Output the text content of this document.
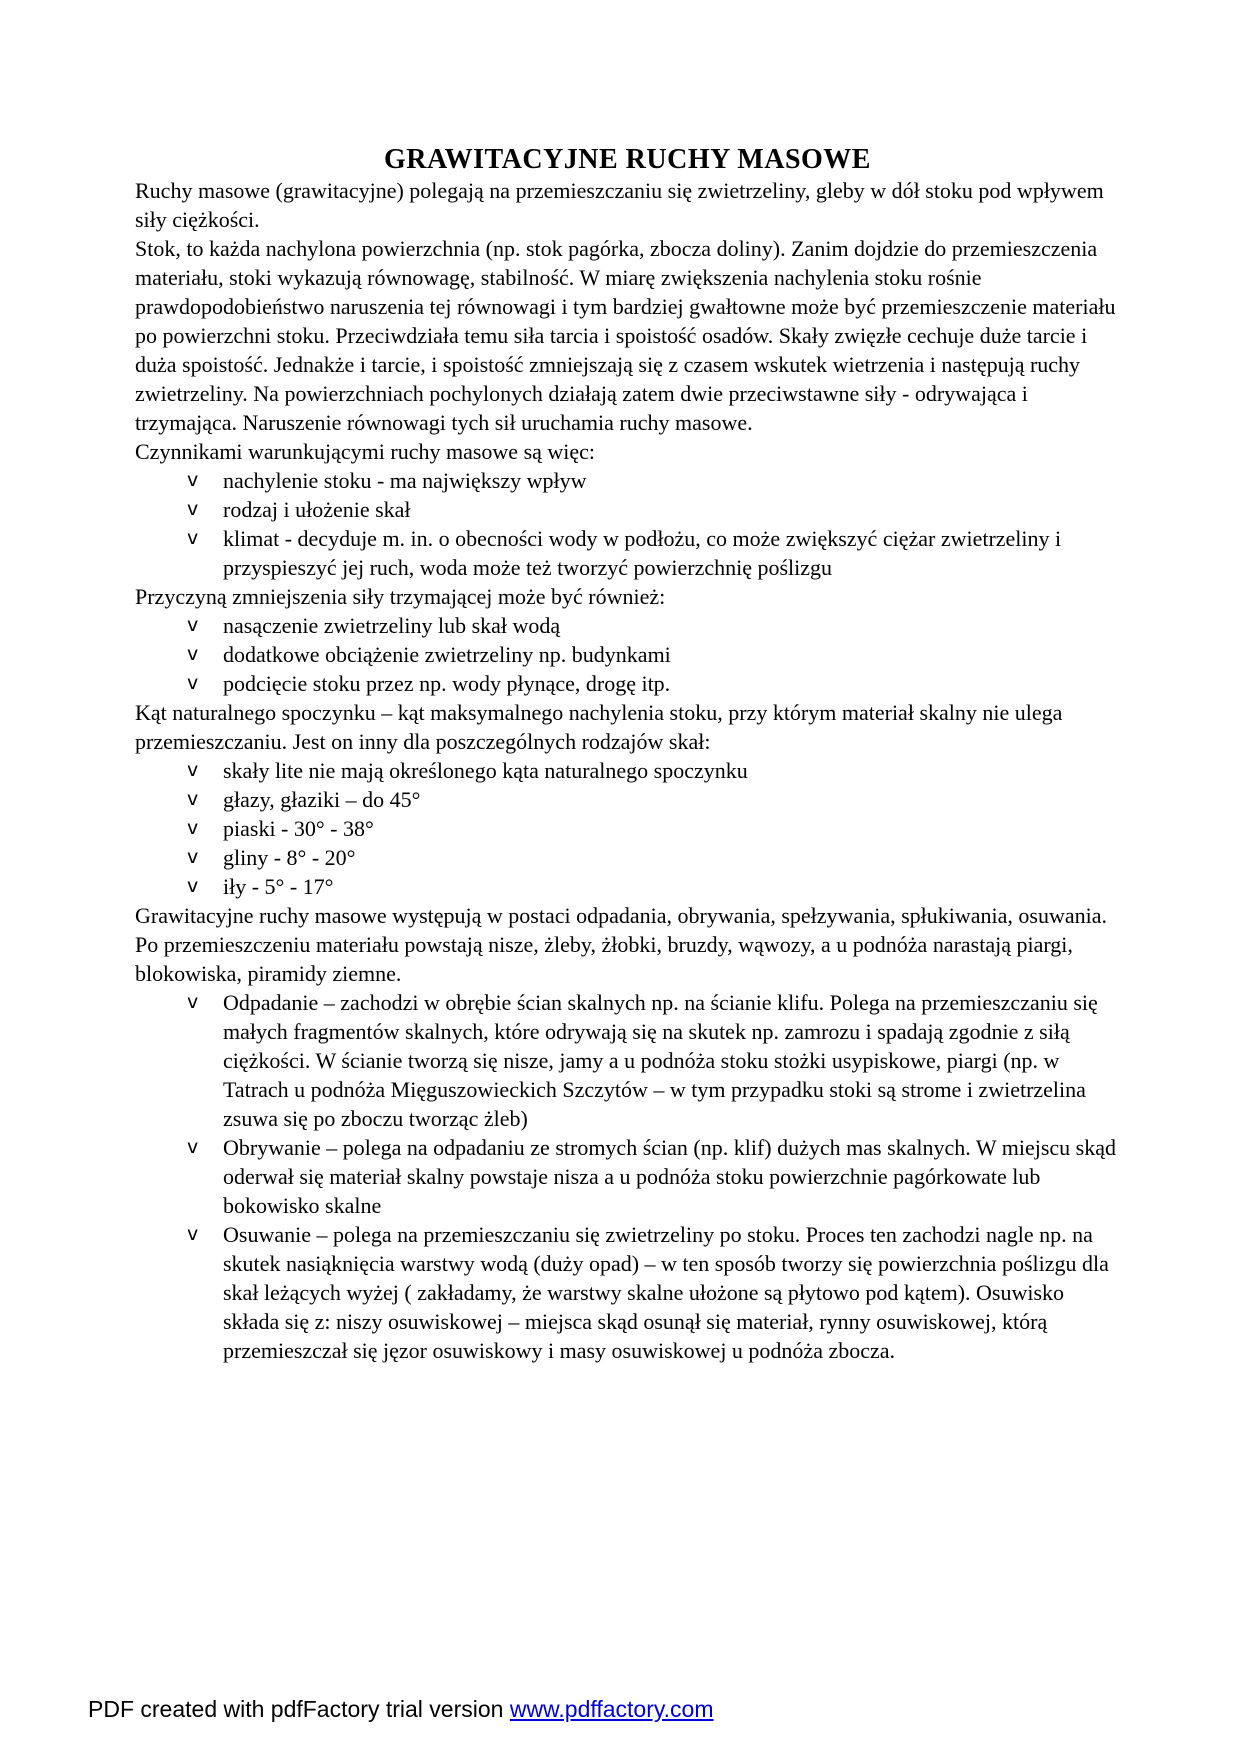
GRAWITACYJNE RUCHY MASOWE

Ruchy masowe (grawitacyjne) polegają na przemieszczaniu się zwietrzeliny, gleby w dół stoku pod wpływem siły ciężkości.

Stok, to każda nachylona powierzchnia (np. stok pagórka, zbocza doliny). Zanim dojdzie do przemieszczenia materiału, stoki wykazują równowagę, stabilność. W miarę zwiększenia nachylenia stoku rośnie prawdopodobieństwo naruszenia tej równowagi i tym bardziej gwałtowne może być przemieszczenie materiału po powierzchni stoku. Przeciwdziała temu siła tarcia i spoistość osadów. Skały zwięzłe cechuje duże tarcie i duża spoistość. Jednakże i tarcie, i spoistość zmniejszają się z czasem wskutek wietrzenia i następują ruchy zwietrzeliny. Na powierzchniach pochylonych działają zatem dwie przeciwstawne siły - odrywająca i trzymająca. Naruszenie równowagi tych sił uruchamia ruchy masowe.

Czynnikami warunkującymi ruchy masowe są więc:

v	nachylenie stoku - ma największy wpływ
v	rodzaj i ułożenie skał
v	klimat - decyduje m. in. o obecności wody w podłożu, co może zwiększyć ciężar zwietrzeliny i przyspieszyć jej ruch, woda może też tworzyć powierzchnię poślizgu

Przyczyną zmniejszenia siły trzymającej może być również:

v	nasączenie zwietrzeliny lub skał wodą
v	dodatkowe obciążenie zwietrzeliny np. budynkami
v	podcięcie stoku przez np. wody płynące, drogę itp.

Kąt naturalnego spoczynku – kąt maksymalnego nachylenia stoku, przy którym materiał skalny nie ulega przemieszczaniu. Jest on inny dla poszczególnych rodzajów skał:

v	skały lite nie mają określonego kąta naturalnego spoczynku
v	głazy, głaziki – do 45°
v	piaski - 30° - 38°
v	gliny - 8° - 20°
v	iły - 5° - 17°

Grawitacyjne ruchy masowe występują w postaci odpadania, obrywania, spełzywania, spłukiwania, osuwania. Po przemieszczeniu materiału powstają nisze, żleby, żłobki, bruzdy, wąwozy, a u podnóża narastają piargi, blokowiska, piramidy ziemne.

v	Odpadanie – zachodzi w obrębie ścian skalnych np. na ścianie klifu. Polega na przemieszczaniu się małych fragmentów skalnych, które odrywają się na skutek np. zamrozu i spadają zgodnie z siłą ciężkości. W ścianie tworzą się nisze, jamy a u podnóża stoku stożki usypiskowe, piargi (np. w Tatrach u podnóża Mięguszowieckich Szczytów – w tym przypadku stoki są strome i zwietrzelina zsuwa się po zboczu tworząc żleb)
v	Obrywanie – polega na odpadaniu ze stromych ścian (np. klif) dużych mas skalnych. W miejscu skąd oderwał się materiał skalny powstaje nisza a u podnóża stoku powierzchnie pagórkowate lub bokowisko skalne
v	Osuwanie – polega na przemieszczaniu się zwietrzeliny po stoku. Proces ten zachodzi nagle np. na skutek nasiąknięcia warstwy wodą (duży opad) – w ten sposób tworzy się powierzchnia poślizgu dla skał leżących wyżej ( zakładamy, że warstwy skalne ułożone są płytowo pod kątem). Osuwisko składa się z: niszy osuwiskowej – miejsca skąd osunął się materiał, rynny osuwiskowej, którą przemieszczał się jęzor osuwiskowy i masy osuwiskowej u podnóża zbocza.
PDF created with pdfFactory trial version www.pdffactory.com
